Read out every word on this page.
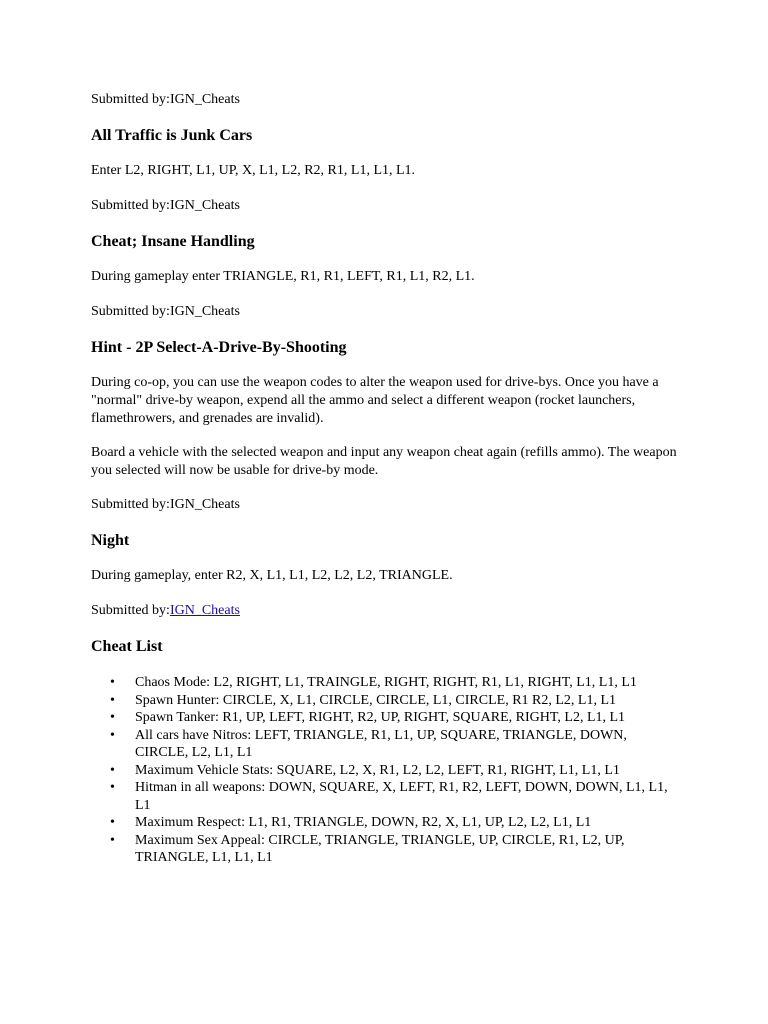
Submitted by:IGN_Cheats

All Traffic is Junk Cars

Enter L2, RIGHT, L1, UP, X, L1, L2, R2, R1, L1, L1, L1.

Submitted by:IGN_Cheats

Cheat; Insane Handling

During gameplay enter TRIANGLE, R1, R1, LEFT, R1, L1, R2, L1.

Submitted by:IGN_Cheats

Hint - 2P Select-A-Drive-By-Shooting

During co-op, you can use the weapon codes to alter the weapon used for drive-bys. Once you have a "normal" drive-by weapon, expend all the ammo and select a different weapon (rocket launchers, flamethrowers, and grenades are invalid).

Board a vehicle with the selected weapon and input any weapon cheat again (refills ammo). The weapon you selected will now be usable for drive-by mode.

Submitted by:IGN_Cheats

Night

During gameplay, enter R2, X, L1, L1, L2, L2, L2, TRIANGLE.

Submitted by:IGN_Cheats

Cheat List
• Chaos Mode: L2, RIGHT, L1, TRAINGLE, RIGHT, RIGHT, R1, L1, RIGHT, L1, L1, L1
• Spawn Hunter: CIRCLE, X, L1, CIRCLE, CIRCLE, L1, CIRCLE, R1 R2, L2, L1, L1
• Spawn Tanker: R1, UP, LEFT, RIGHT, R2, UP, RIGHT, SQUARE, RIGHT, L2, L1, L1
• All cars have Nitros: LEFT, TRIANGLE, R1, L1, UP, SQUARE, TRIANGLE, DOWN, CIRCLE, L2, L1, L1
• Maximum Vehicle Stats: SQUARE, L2, X, R1, L2, L2, LEFT, R1, RIGHT, L1, L1, L1
• Hitman in all weapons: DOWN, SQUARE, X, LEFT, R1, R2, LEFT, DOWN, DOWN, L1, L1, L1
• Maximum Respect: L1, R1, TRIANGLE, DOWN, R2, X, L1, UP, L2, L2, L1, L1
• Maximum Sex Appeal: CIRCLE, TRIANGLE, TRIANGLE, UP, CIRCLE, R1, L2, UP, TRIANGLE, L1, L1, L1
